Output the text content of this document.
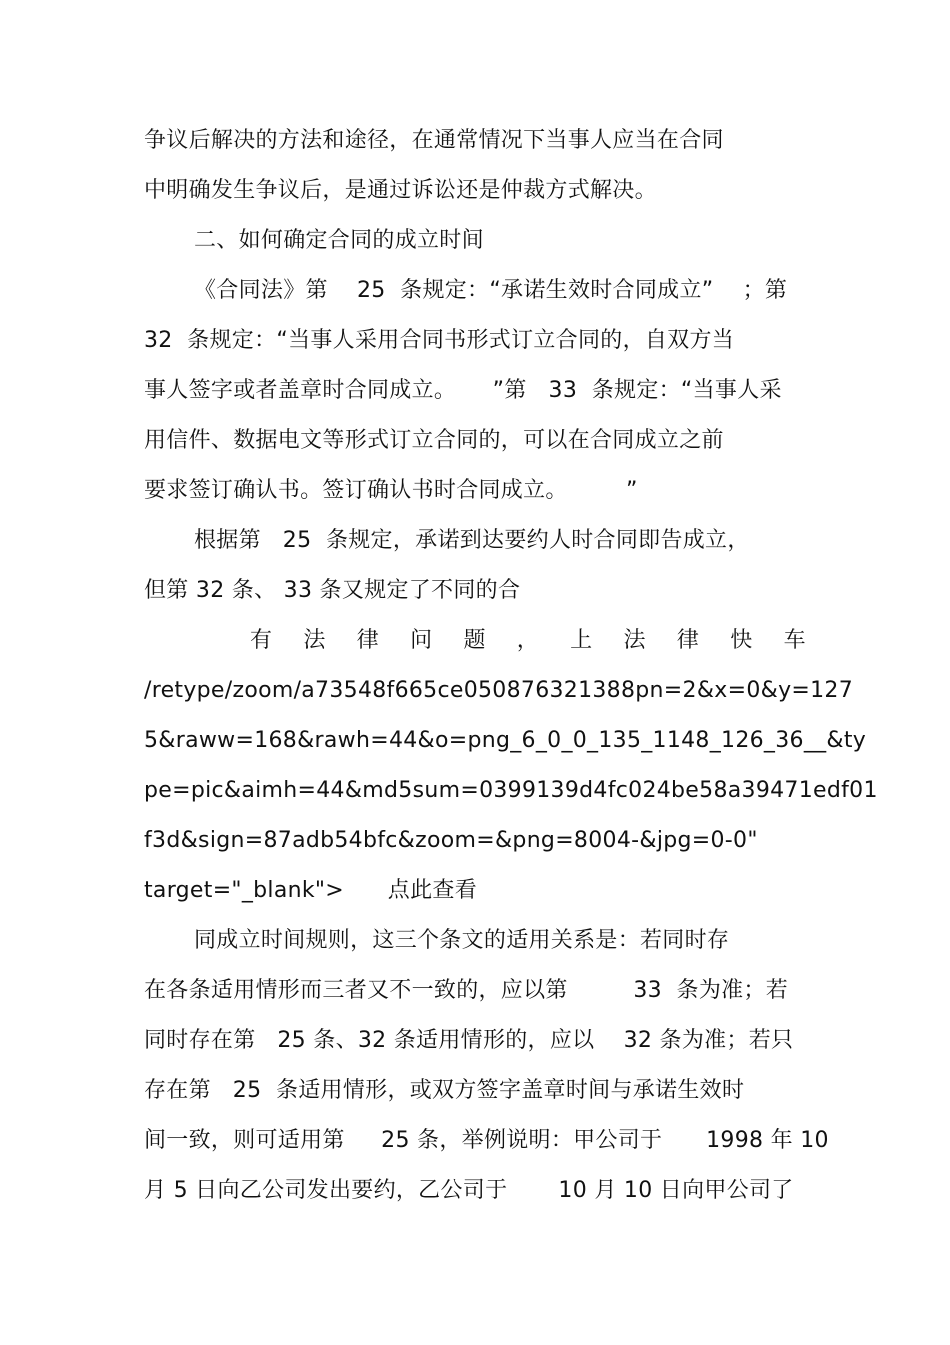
争议后解决的方法和途径，在通常情况下当事人应当在合同
中明确发生争议后，是通过诉讼还是仲裁方式解决。
二、如何确定合同的成立时间
《合同法》第    25  条规定：“承诺生效时合同成立”    ；第
32  条规定：“当事人采用合同书形式订立合同的，自双方当
事人签字或者盖章时合同成立。     ”第   33  条规定：“当事人采
用信件、数据电文等形式订立合同的，可以在合同成立之前
要求签订确认书。签订确认书时合同成立。        ”
根据第   25  条规定，承诺到达要约人时合同即告成立，
但第 32 条、 33 条又规定了不同的合
有 法 律 问 题 ， 上 法 律 快 车
/retype/zoom/a73548f665ce050876321388pn=2&x=0&y=127
5&raww=168&rawh=44&o=png_6_0_0_135_1148_126_36__&ty
pe=pic&aimh=44&md5sum=0399139d4fc024be58a39471edf01
f3d&sign=87adb54bfc&zoom=&png=8004-&jpg=0-0"
target="_blank">      点此查看
同成立时间规则，这三个条文的适用关系是：若同时存
在各条适用情形而三者又不一致的，应以第         33  条为准；若
同时存在第   25 条、32 条适用情形的，应以    32 条为准；若只
存在第   25  条适用情形，或双方签字盖章时间与承诺生效时
间一致，则可适用第     25 条，举例说明：甲公司于      1998 年 10
月 5 日向乙公司发出要约，乙公司于       10 月 10 日向甲公司了
